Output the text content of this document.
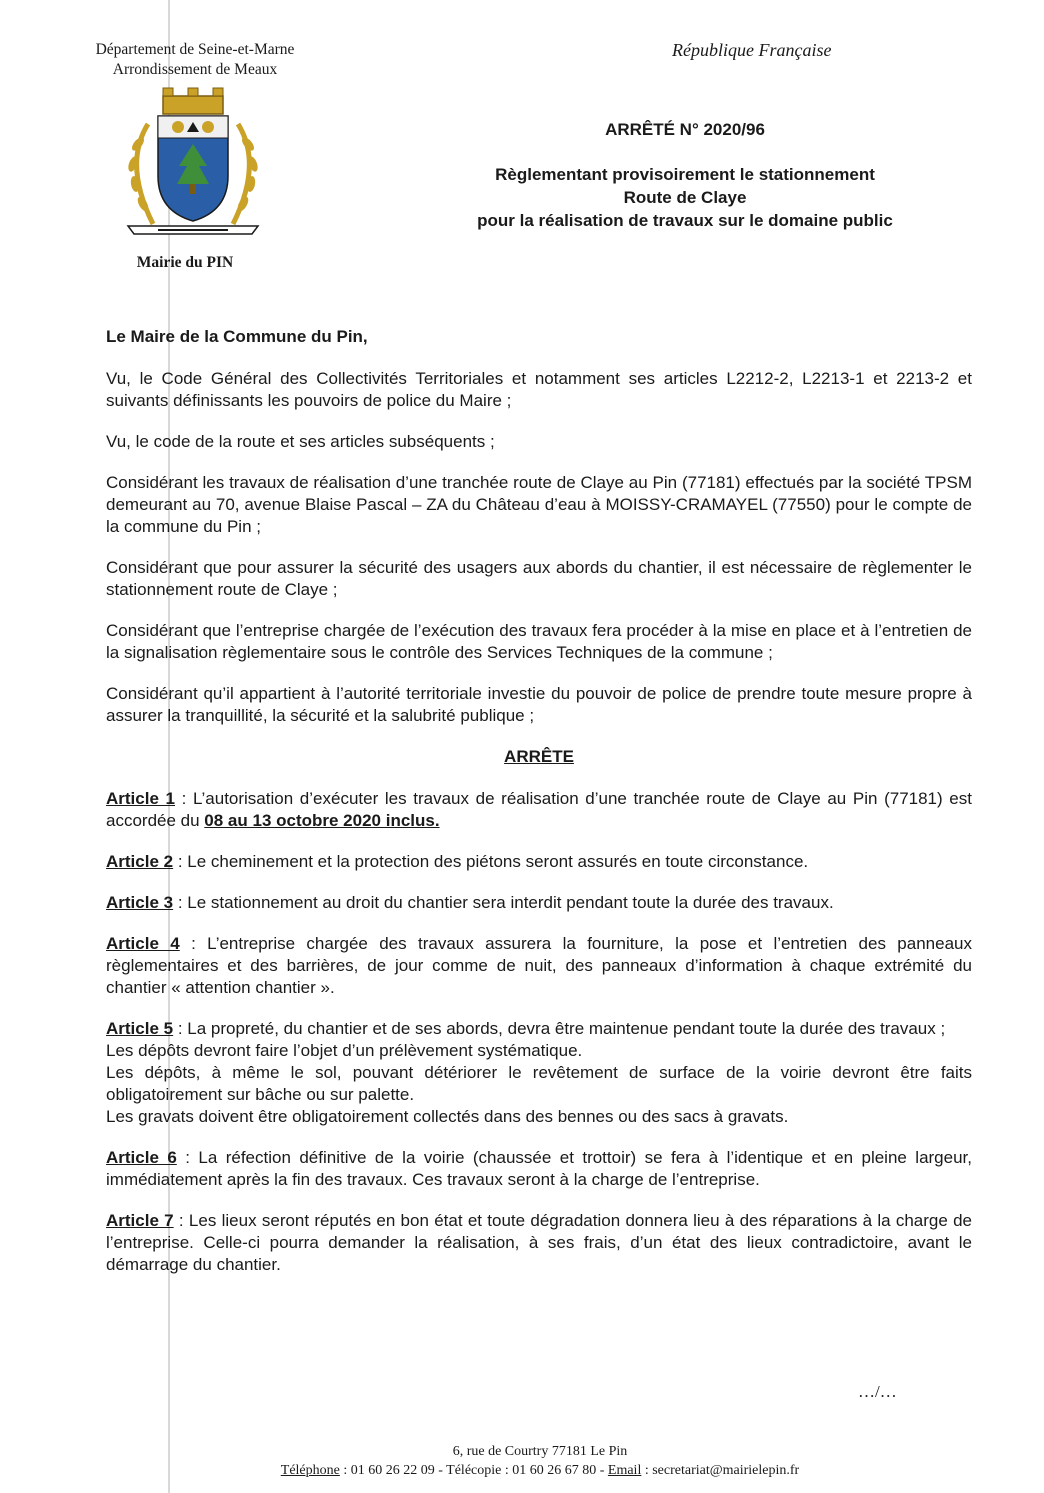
Département de Seine-et-Marne
Arrondissement de Meaux
République Française
Mairie du PIN
ARRÊTÉ N° 2020/96
Règlementant provisoirement le stationnement
Route de Claye
pour la réalisation de travaux sur le domaine public

Le Maire de la Commune du Pin,

Vu, le Code Général des Collectivités Territoriales et notamment ses articles L2212-2, L2213-1 et 2213-2 et suivants définissants les pouvoirs de police du Maire ;

Vu, le code de la route et ses articles subséquents ;

Considérant les travaux de réalisation d’une tranchée route de Claye au Pin (77181) effectués par la société TPSM demeurant au 70, avenue Blaise Pascal – ZA du Château d’eau à MOISSY-CRAMAYEL (77550) pour le compte de la commune du Pin ;

Considérant que pour assurer la sécurité des usagers aux abords du chantier, il est nécessaire de règlementer le stationnement route de Claye ;

Considérant que l’entreprise chargée de l’exécution des travaux fera procéder à la mise en place et à l’entretien de la signalisation règlementaire sous le contrôle des Services Techniques de la commune ;

Considérant qu’il appartient à l’autorité territoriale investie du pouvoir de police de prendre toute mesure propre à assurer la tranquillité, la sécurité et la salubrité publique ;

ARRÊTE

Article 1 : L’autorisation d’exécuter les travaux de réalisation d’une tranchée route de Claye au Pin (77181) est accordée du 08 au 13 octobre 2020 inclus.

Article 2 : Le cheminement et la protection des piétons seront assurés en toute circonstance.

Article 3 : Le stationnement au droit du chantier sera interdit pendant toute la durée des travaux.

Article 4 : L’entreprise chargée des travaux assurera la fourniture, la pose et l’entretien des panneaux règlementaires et des barrières, de jour comme de nuit, des panneaux d’information à chaque extrémité du chantier « attention chantier ».

Article 5 : La propreté, du chantier et de ses abords, devra être maintenue pendant toute la durée des travaux ;

Les dépôts devront faire l’objet d’un prélèvement systématique.

Les dépôts, à même le sol, pouvant détériorer le revêtement de surface de la voirie devront être faits obligatoirement sur bâche ou sur palette.

Les gravats doivent être obligatoirement collectés dans des bennes ou des sacs à gravats.

Article 6 : La réfection définitive de la voirie (chaussée et trottoir) se fera à l’identique et en pleine largeur, immédiatement après la fin des travaux. Ces travaux seront à la charge de l’entreprise.

Article 7 : Les lieux seront réputés en bon état et toute dégradation donnera lieu à des réparations à la charge de l’entreprise. Celle-ci pourra demander la réalisation, à ses frais, d’un état des lieux contradictoire, avant le démarrage du chantier.

…/…
6, rue de Courtry 77181 Le Pin
Téléphone : 01 60 26 22 09 - Télécopie : 01 60 26 67 80 - Email : secretariat@mairielepin.fr
